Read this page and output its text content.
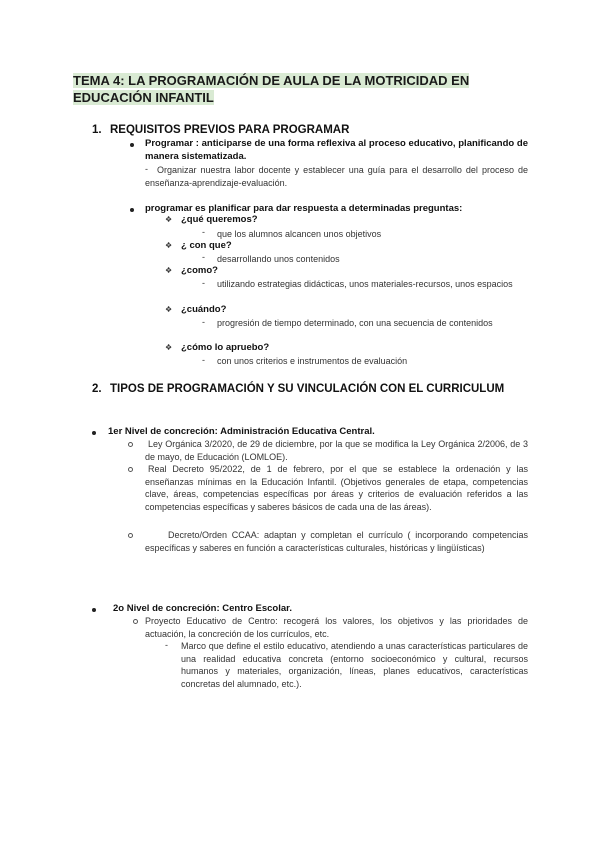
TEMA 4: LA PROGRAMACIÓN DE AULA DE LA MOTRICIDAD EN
EDUCACIÓN INFANTIL
1. REQUISITOS PREVIOS PARA PROGRAMAR
Programar : anticiparse de una forma reflexiva al proceso educativo, planificando de manera sistematizada.
-	Organizar nuestra labor docente y establecer una guía para el desarrollo del proceso de enseñanza-aprendizaje-evaluación.
programar es planificar para dar respuesta a determinadas preguntas:
❖ ¿qué queremos?
- que los alumnos alcancen unos objetivos
❖ ¿ con que?
- desarrollando unos contenidos
❖ ¿como?
- utilizando estrategias didácticas, unos materiales-recursos, unos espacios
❖ ¿cuándo?
- progresión de tiempo determinado, con una secuencia de contenidos
❖ ¿cómo lo apruebo?
- con unos criterios e instrumentos de evaluación
2. TIPOS DE PROGRAMACIÓN Y SU VINCULACIÓN CON EL CURRICULUM
1er Nivel de concreción: Administración Educativa Central.
Ley Orgánica 3/2020, de 29 de diciembre, por la que se modifica la Ley Orgánica 2/2006, de 3 de mayo, de Educación (LOMLOE).
Real Decreto 95/2022, de 1 de febrero, por el que se establece la ordenación y las enseñanzas mínimas en la Educación Infantil. (Objetivos generales de etapa, competencias clave, áreas, competencias específicas por áreas y criterios de evaluación referidos a las competencias específicas y saberes básicos de cada una de las áreas).
Decreto/Orden CCAA: adaptan y completan el currículo ( incorporando competencias específicas y saberes en función a características culturales, históricas y lingüísticas)
2o Nivel de concreción: Centro Escolar.
Proyecto Educativo de Centro: recogerá los valores, los objetivos y las prioridades de actuación, la concreción de los currículos, etc.
- Marco que define el estilo educativo, atendiendo a unas características particulares de una realidad educativa concreta (entorno socioeconómico y cultural, recursos humanos y materiales, organización, líneas, planes educativos, características concretas del alumnado, etc.).
